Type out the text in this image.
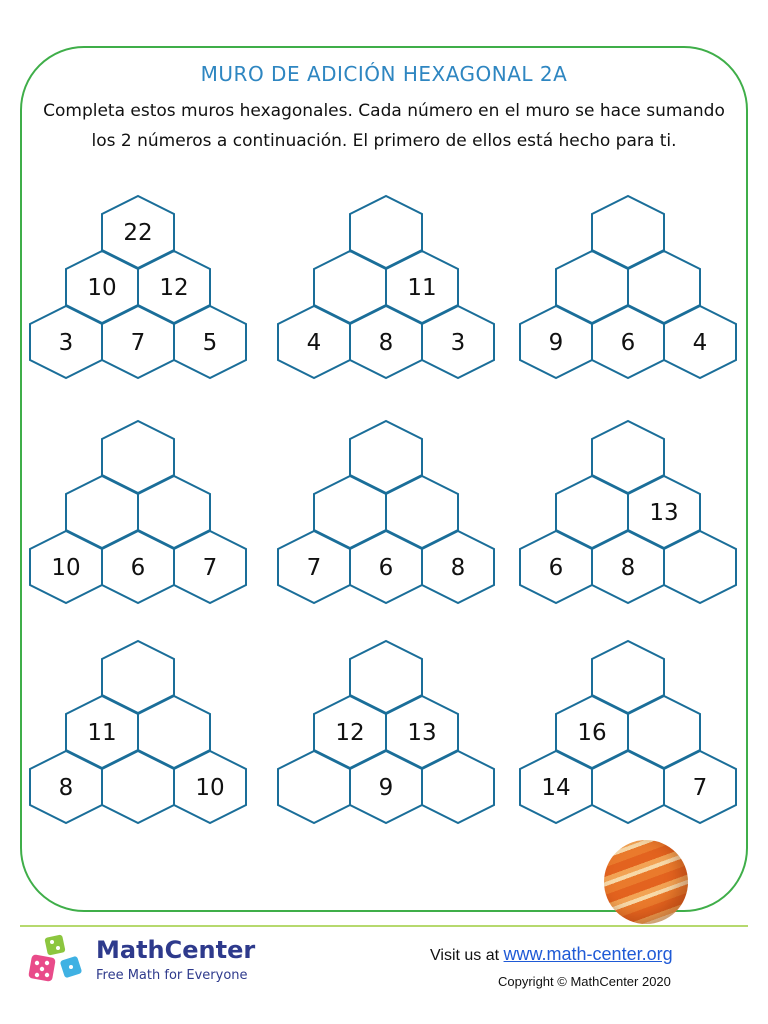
MURO DE ADICIÓN HEXAGONAL 2A
Completa estos muros hexagonales. Cada número en el muro se hace sumando los 2 números a continuación. El primero de ellos está hecho para ti.
22
10 12
3 7 5
11
4 8 3	9 6 4
10 6 7	7 6 8
13
6 8
11
8	10
12 13
9
16
14	7
MathCenter
Free Math for Everyone
Visit us at www.math-center.org
Copyright © MathCenter 2020
